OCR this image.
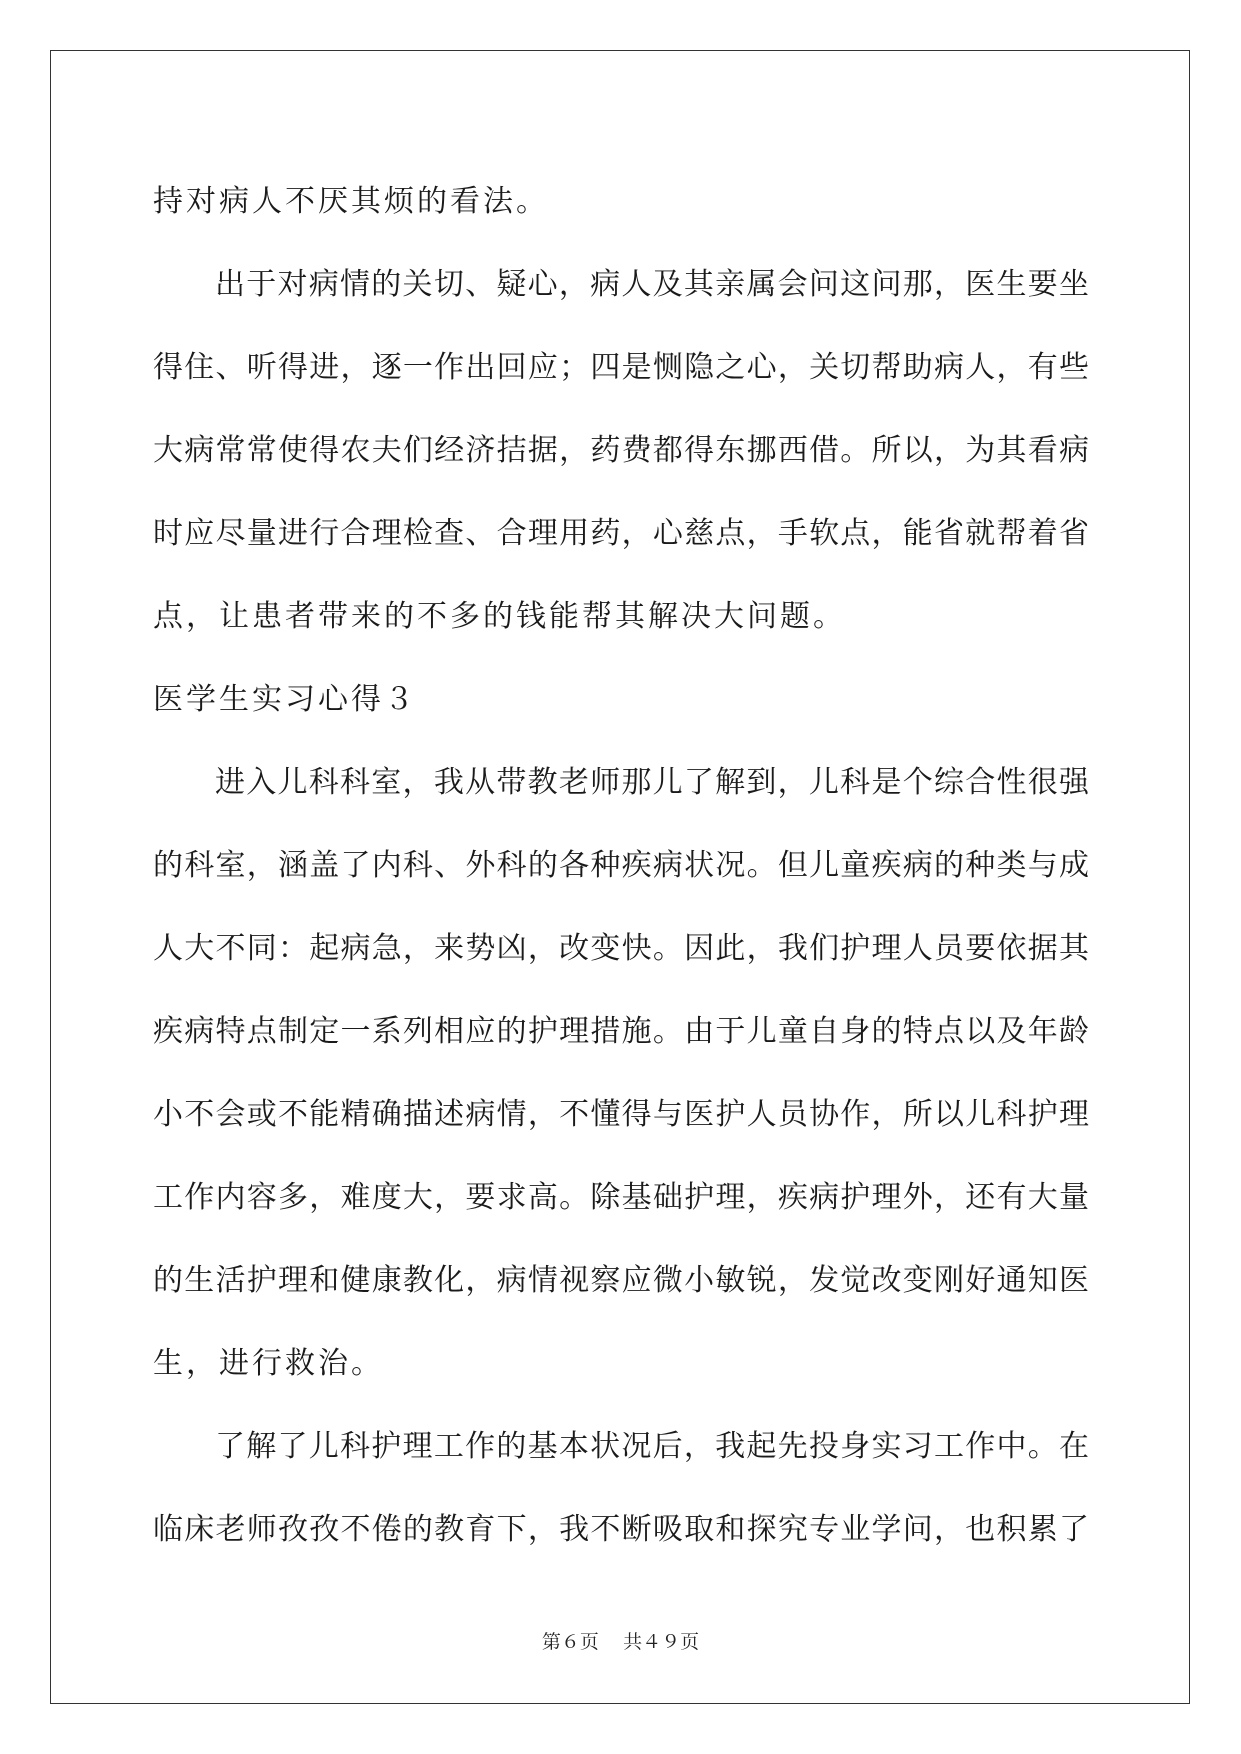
持对病人不厌其烦的看法。
出于对病情的关切、疑心，病人及其亲属会问这问那，医生要坐
得住、听得进，逐一作出回应；四是恻隐之心，关切帮助病人，有些
大病常常使得农夫们经济拮据，药费都得东挪西借。所以，为其看病
时应尽量进行合理检查、合理用药，心慈点，手软点，能省就帮着省
点，让患者带来的不多的钱能帮其解决大问题。
医学生实习心得３
进入儿科科室，我从带教老师那儿了解到，儿科是个综合性很强
的科室，涵盖了内科、外科的各种疾病状况。但儿童疾病的种类与成
人大不同：起病急，来势凶，改变快。因此，我们护理人员要依据其
疾病特点制定一系列相应的护理措施。由于儿童自身的特点以及年龄
小不会或不能精确描述病情，不懂得与医护人员协作，所以儿科护理
工作内容多，难度大，要求高。除基础护理，疾病护理外，还有大量
的生活护理和健康教化，病情视察应微小敏锐，发觉改变刚好通知医
生，进行救治。
了解了儿科护理工作的基本状况后，我起先投身实习工作中。在
临床老师孜孜不倦的教育下，我不断吸取和探究专业学问，也积累了
第６页 共４９页
